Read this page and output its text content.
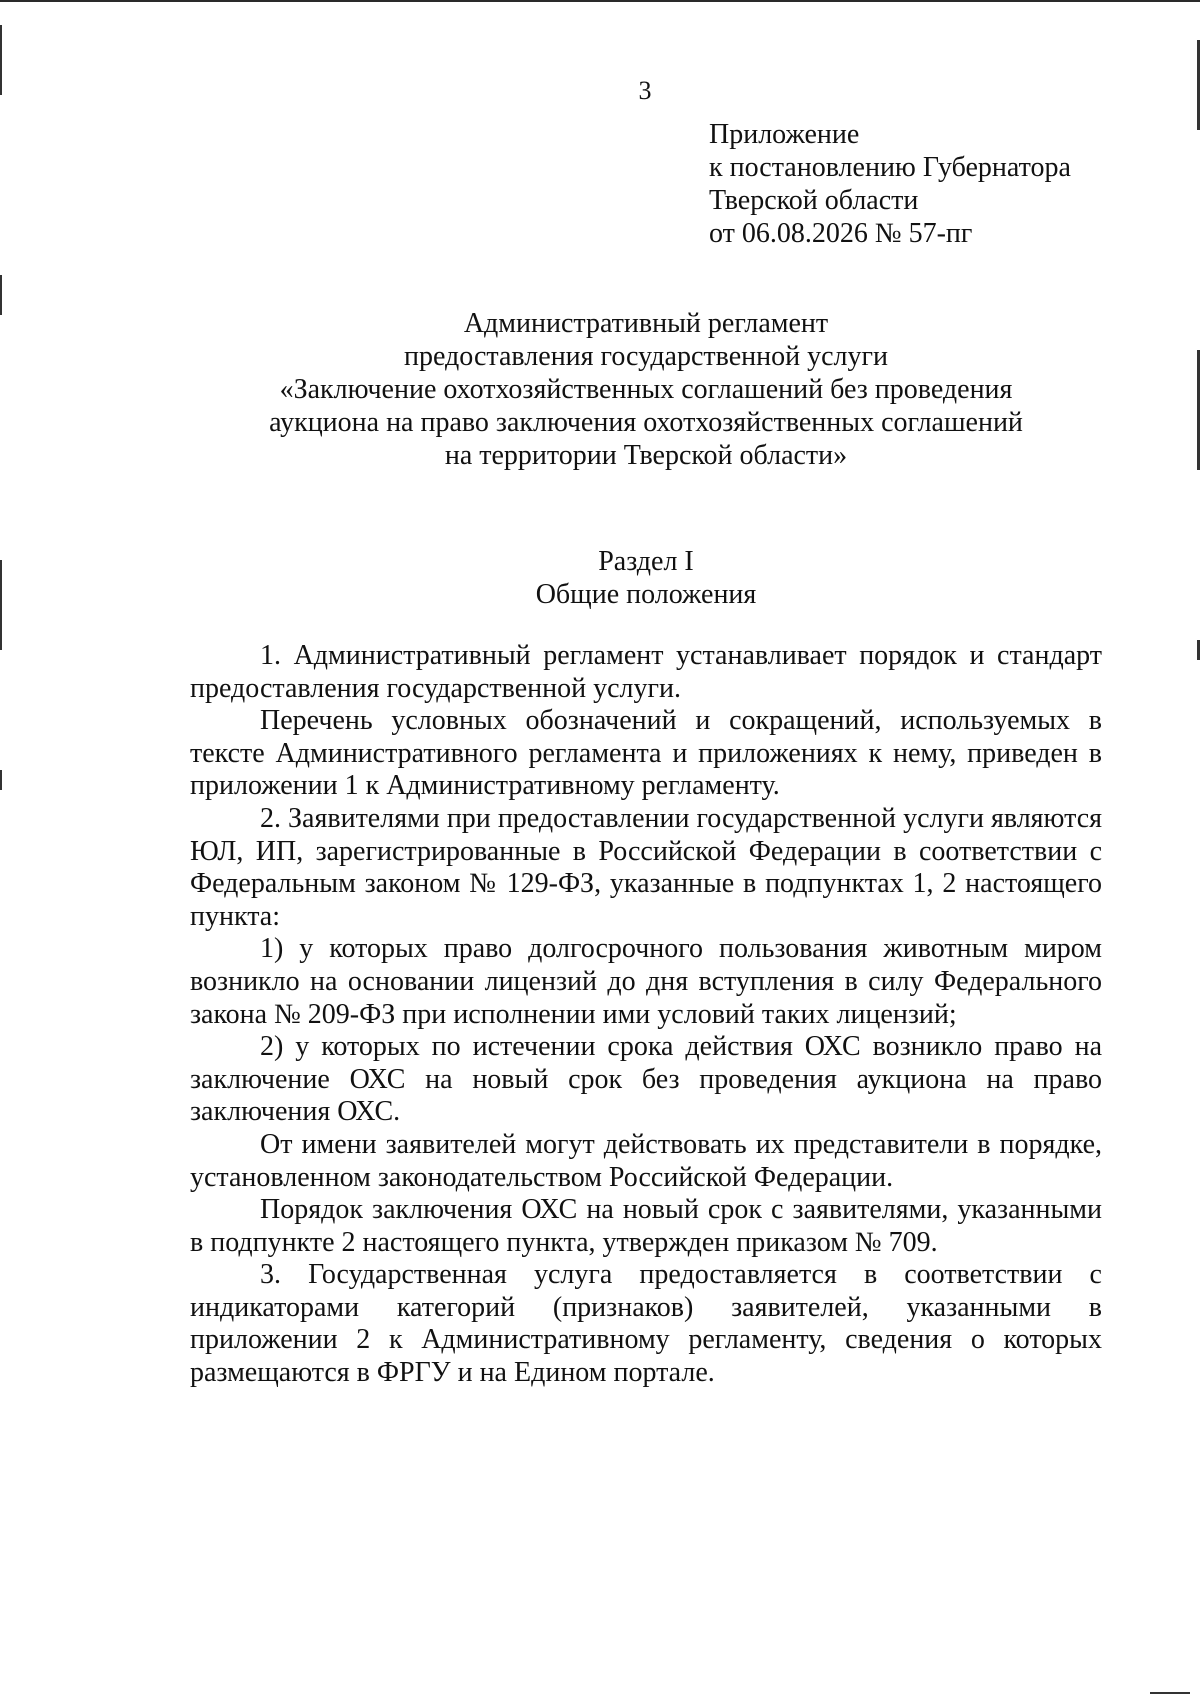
3
Приложение
к постановлению Губернатора
Тверской области
от 06.08.2026 № 57-пг
Административный регламент
предоставления государственной услуги
«Заключение охотхозяйственных соглашений без проведения
аукциона на право заключения охотхозяйственных соглашений
на территории Тверской области»
Раздел I
Общие положения

1. Административный регламент устанавливает порядок и стандарт предоставления государственной услуги.

Перечень условных обозначений и сокращений, используемых в тексте Административного регламента и приложениях к нему, приведен в приложении 1 к Административному регламенту.

2. Заявителями при предоставлении государственной услуги являются ЮЛ, ИП, зарегистрированные в Российской Федерации в соответствии с Федеральным законом № 129-ФЗ, указанные в подпунктах 1, 2 настоящего пункта:

1) у которых право долгосрочного пользования животным миром возникло на основании лицензий до дня вступления в силу Федерального закона № 209-ФЗ при исполнении ими условий таких лицензий;

2) у которых по истечении срока действия ОХС возникло право на заключение ОХС на новый срок без проведения аукциона на право заключения ОХС.

От имени заявителей могут действовать их представители в порядке, установленном законодательством Российской Федерации.

Порядок заключения ОХС на новый срок с заявителями, указанными в подпункте 2 настоящего пункта, утвержден приказом № 709.

3. Государственная услуга предоставляется в соответствии с индикаторами категорий (признаков) заявителей, указанными в приложении 2 к Административному регламенту, сведения о которых размещаются в ФРГУ и на Едином портале.
